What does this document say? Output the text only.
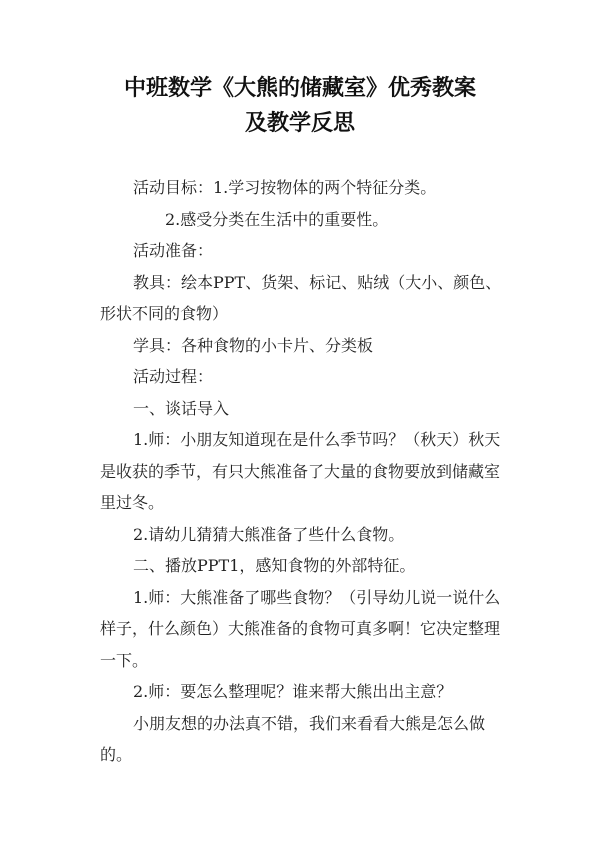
中班数学《大熊的储藏室》优秀教案
及教学反思

活动目标：1.学习按物体的两个特征分类。

2.感受分类在生活中的重要性。

活动准备：

教具：绘本PPT、货架、标记、贴绒（大小、颜色、形状不同的食物）

学具：各种食物的小卡片、分类板

活动过程：

一、谈话导入

1.师：小朋友知道现在是什么季节吗？（秋天）秋天是收获的季节，有只大熊准备了大量的食物要放到储藏室里过冬。

2.请幼儿猜猜大熊准备了些什么食物。

二、播放PPT1，感知食物的外部特征。

1.师：大熊准备了哪些食物？（引导幼儿说一说什么样子，什么颜色）大熊准备的食物可真多啊！它决定整理一下。

2.师：要怎么整理呢？谁来帮大熊出出主意？

小朋友想的办法真不错，我们来看看大熊是怎么做的。
